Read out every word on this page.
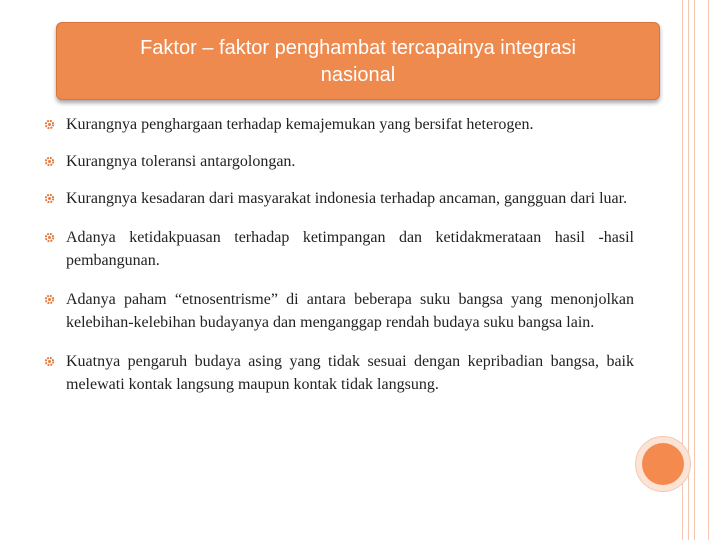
Faktor – faktor penghambat tercapainya integrasi
nasional
Kurangnya penghargaan terhadap kemajemukan yang bersifat heterogen.
Kurangnya toleransi antargolongan.
Kurangnya kesadaran dari masyarakat indonesia terhadap ancaman, gangguan dari luar.
Adanya ketidakpuasan terhadap ketimpangan dan ketidakmerataan hasil -hasil pembangunan.
Adanya paham “etnosentrisme” di antara beberapa suku bangsa yang menonjolkan kelebihan-kelebihan budayanya dan menganggap rendah budaya suku bangsa lain.
Kuatnya pengaruh budaya asing yang tidak sesuai dengan kepribadian bangsa, baik melewati kontak langsung maupun kontak tidak langsung.
